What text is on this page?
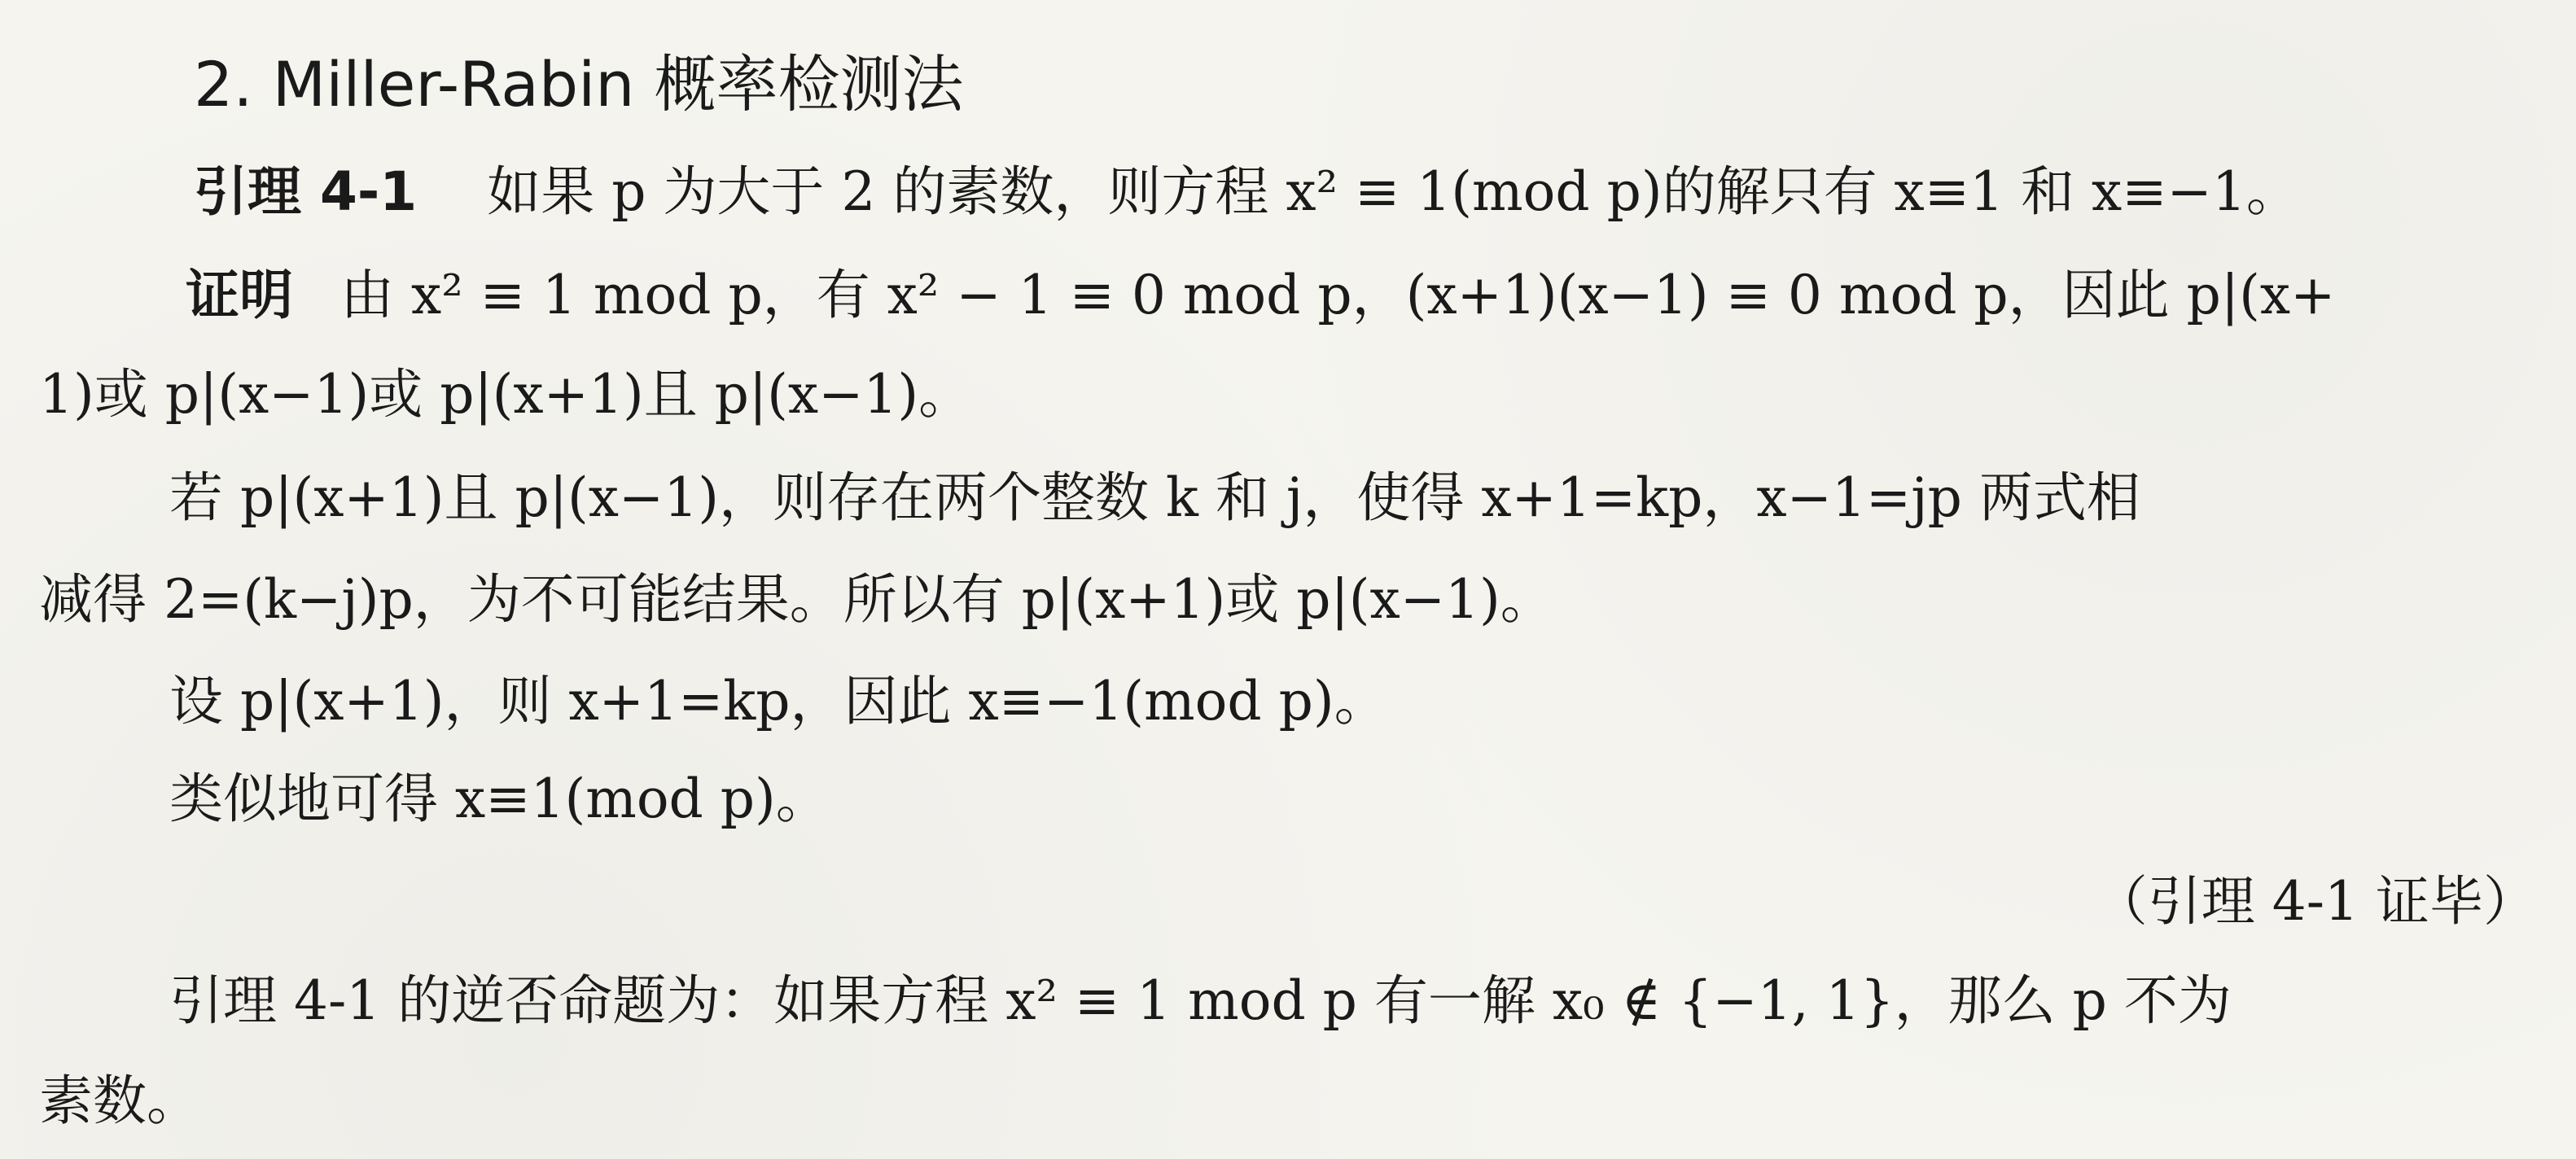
2. Miller-Rabin 概率检测法
引理 4-1 如果 p 为大于 2 的素数，则方程 x² ≡ 1(mod p)的解只有 x≡1 和 x≡−1。
证明 由 x² ≡ 1 mod p，有 x² − 1 ≡ 0 mod p，(x+1)(x−1) ≡ 0 mod p，因此 p|(x+
1)或 p|(x−1)或 p|(x+1)且 p|(x−1)。
若 p|(x+1)且 p|(x−1)，则存在两个整数 k 和 j，使得 x+1=kp，x−1=jp 两式相
减得 2=(k−j)p，为不可能结果。所以有 p|(x+1)或 p|(x−1)。
设 p|(x+1)，则 x+1=kp，因此 x≡−1(mod p)。
类似地可得 x≡1(mod p)。
（引理 4-1 证毕）
引理 4-1 的逆否命题为：如果方程 x² ≡ 1 mod p 有一解 x₀ ∉ {−1, 1}，那么 p 不为
素数。
